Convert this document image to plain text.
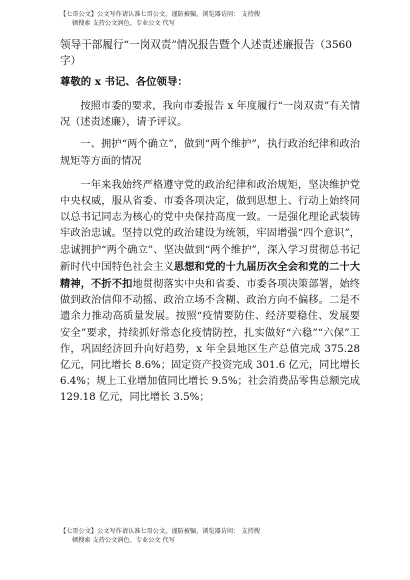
【七哥公文】公文写作请认准七哥公文，谨防被骗，浏览器访问： 支持搜
顿搜索 支持公文润色、专业公文 代写
领导干部履行“一岗双责”情况报告暨个人述责述廉报告（3560 字）
尊敬的 x 书记、各位领导：

按照市委的要求，我向市委报告 x 年度履行“一岗双责”有关情况（述责述廉），请予评议。

一、拥护“两个确立”，做到“两个维护”，执行政治纪律和政治规矩等方面的情况

一年来我始终严格遵守党的政治纪律和政治规矩，坚决维护党中央权威，服从省委、市委各项决定，做到思想上、行动上始终同以总书记同志为核心的党中央保持高度一致。一是强化理论武装铸牢政治忠诚。坚持以党的政治建设为统领，牢固增强“四个意识”，忠诚拥护“两个确立”、坚决做到“两个维护”，深入学习贯彻总书记新时代中国特色社会主义思想和党的十九届历次全会和党的二十大精神，不折不扣地贯彻落实中央和省委、市委各项决策部署，始终做到政治信仰不动摇、政治立场不含糊、政治方向不偏移。二是不遗余力推动高质量发展。按照“疫情要防住、经济要稳住、发展要安全”要求，持续抓好常态化疫情防控，扎实做好“六稳”“六保”工作，巩固经济回升向好趋势，x 年全县地区生产总值完成 375.28 亿元，同比增长 8.6%；固定资产投资完成 301.6 亿元，同比增长 6.4%；规上工业增加值同比增长 9.5%；社会消费品零售总额完成 129.18 亿元，同比增长 3.5%；

【七哥公文】公文写作请认准七哥公文，谨防被骗，浏览器访问： 支持搜
顿搜索 支持公文润色、专业公文 代写
